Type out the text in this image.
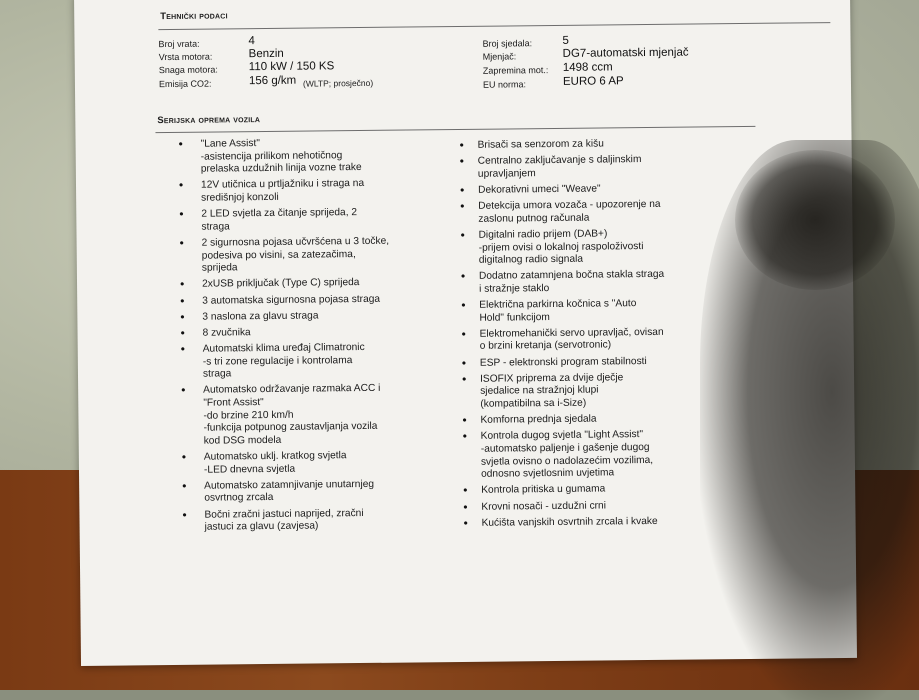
Tehnički podaci
Broj vrata:	4
Vrsta motora:	Benzin
Snaga motora:	110 kW / 150 KS
Emisija CO2:	156 g/km (WLTP; prosječno)
Broj sjedala:	5
Mjenjač:	DG7-automatski mjenjač
Zapremina mot.: 1498 ccm
EU norma:	EURO 6 AP
Serijska oprema vozila
• "Lane Assist"
-asistencija prilikom nehotičnog
prelaska uzdužnih linija vozne trake
• 12V utičnica u prtljažniku i straga na
središnjoj konzoli
• 2 LED svjetla za čitanje sprijeda, 2
straga
• 2 sigurnosna pojasa učvršćena u 3 točke,
podesiva po visini, sa zatezačima,
sprijeda
• 2xUSB priključak (Type C) sprijeda
• 3 automatska sigurnosna pojasa straga
• 3 naslona za glavu straga
• 8 zvučnika
• Automatski klima uređaj Climatronic
-s tri zone regulacije i kontrolama
straga
• Automatsko održavanje razmaka ACC i
"Front Assist"
-do brzine 210 km/h
-funkcija potpunog zaustavljanja vozila
kod DSG modela
• Automatsko uklj. kratkog svjetla
-LED dnevna svjetla
• Automatsko zatamnjivanje unutarnjeg
osvrtnog zrcala
• Bočni zračni jastuci naprijed, zračni
jastuci za glavu (zavjesa)
• Brisači sa senzorom za kišu
• Centralno zaključavanje s daljinskim
upravljanjem
• Dekorativni umeci "Weave"
• Detekcija umora vozača - upozorenje na
zaslonu putnog računala
• Digitalni radio prijem (DAB+)
-prijem ovisi o lokalnoj raspoloživosti
digitalnog radio signala
• Dodatno zatamnjena bočna stakla straga
i stražnje staklo
• Električna parkirna kočnica s "Auto
Hold" funkcijom
• Elektromehanički servo upravljač, ovisan
o brzini kretanja (servotronic)
• ESP - elektronski program stabilnosti
• ISOFIX priprema za dvije dječje
sjedalice na stražnjoj klupi
(kompatibilna sa i-Size)
• Komforna prednja sjedala
• Kontrola dugog svjetla "Light Assist"
-automatsko paljenje i gašenje dugog
svjetla ovisno o nadolazećim vozilima,
odnosno svjetlosnim uvjetima
• Kontrola pritiska u gumama
• Krovni nosači - uzdužni crni
• Kućišta vanjskih osvrtnih zrcala i kvake
